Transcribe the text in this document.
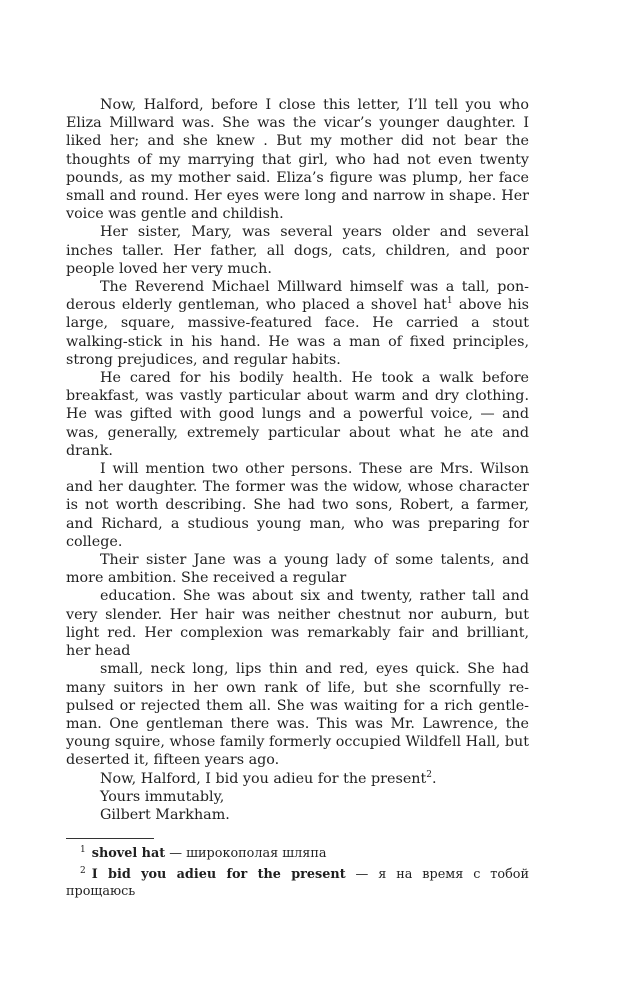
Now, Halford, before I close this letter, I’ll tell you who Eliza Millward was. She was the vicar’s younger daughter. I liked her; and she knew . But my mother did not bear the thoughts of my marrying that girl, who had not even twenty pounds, as my mother said. Eliza’s figure was plump, her face small and round. Her eyes were long and narrow in shape. Her voice was gentle and childish.

Her sister, Mary, was several years older and several inches taller. Her father, all dogs, cats, children, and poor people loved her very much.

The Reverend Michael Millward himself was a tall, pon-derous elderly gentleman, who placed a shovel hat$^1$ above his large, square, massive-featured face. He carried a stout walking-stick in his hand. He was a man of fixed principles, strong prejudices, and regular habits.

He cared for his bodily health. He took a walk before breakfast, was vastly particular about warm and dry clothing. He was gifted with good lungs and a powerful voice, — and was, generally, extremely particular about what he ate and drank.

I will mention two other persons. These are Mrs. Wilson and her daughter. The former was the widow, whose character is not worth describing. She had two sons, Robert, a farmer, and Richard, a studious young man, who was preparing for college.

Their sister Jane was a young lady of some talents, and more ambition. She received a regular

education. She was about six and twenty, rather tall and very slender. Her hair was neither chestnut nor auburn, but light red. Her complexion was remarkably fair and brilliant, her head

small, neck long, lips thin and red, eyes quick. She had many suitors in her own rank of life, but she scornfully re-pulsed or rejected them all. She was waiting for a rich gentle-man. One gentleman there was. This was Mr. Lawrence, the young squire, whose family formerly occupied Wildfell Hall, but deserted it, fifteen years ago.

Now, Halford, I bid you adieu for the present$^2$.

Yours immutably,

Gilbert Markham.

$^1$ shovel hat — широкополая шляпа

$^2$ I bid you adieu for the present — я на время с тобой прощаюсь
